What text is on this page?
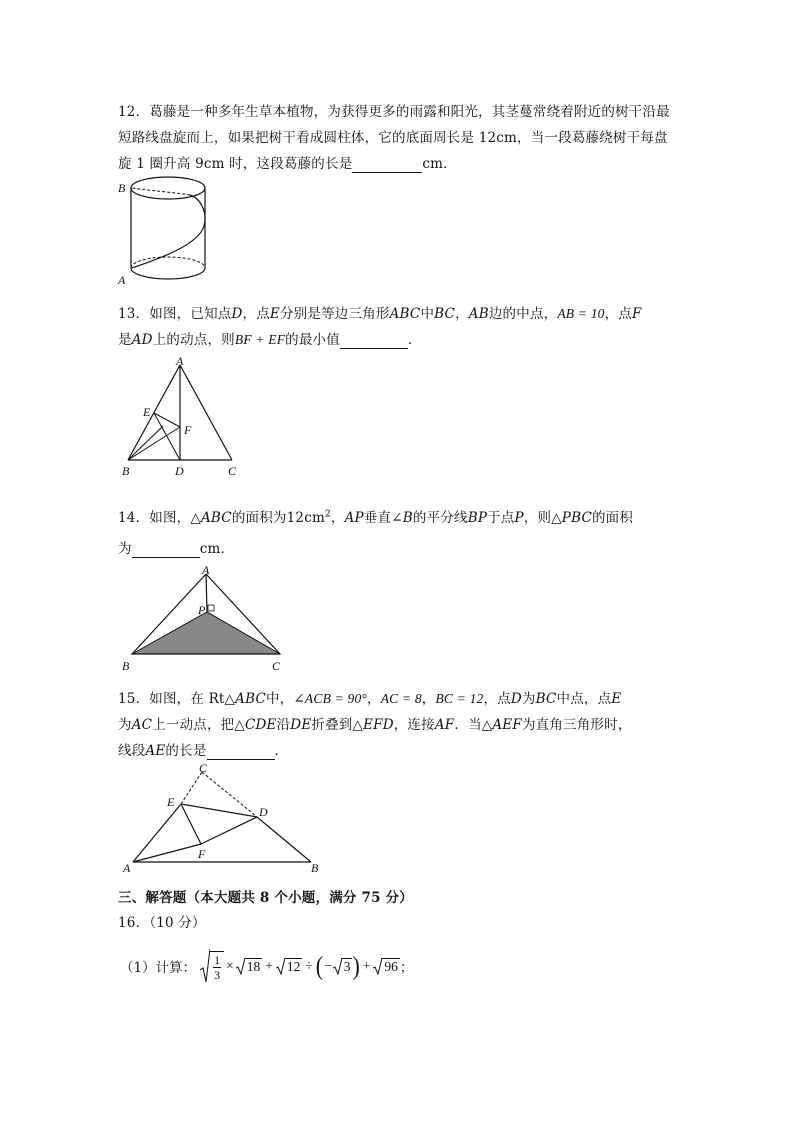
12．葛藤是一种多年生草本植物，为获得更多的雨露和阳光，其茎蔓常绕着附近的树干沿最
短路线盘旋而上，如果把树干看成圆柱体，它的底面周长是 12cm，当一段葛藤绕树干每盘
旋 1 圈升高 9cm 时，这段葛藤的长是	cm．
B
A
13．如图，已知点D，点E分别是等边三角形ABC中BC，AB边的中点，AB = 10，点F
是AD上的动点，则BF + EF的最小值	．
A
E
F
B	D	C
14．如图，△ABC的面积为$12cm^2$，AP垂直∠B的平分线BP于点P，则△PBC的面积
为	cm．
A
P
B	C
15．如图，在 Rt△ABC中，∠ACB = 90°，AC = 8，BC = 12，点D为BC中点，点E
为AC上一动点，把△CDE沿DE折叠到△EFD，连接AF．当△AEF为直角三角形时，
线段AE的长是	．
C
E
D
F
A	B
三、解答题（本大题共 8 个小题，满分 75 分）
16．（10 分）
（1）计算：
1
3
× 18 + 12 ÷ ( − 3 ) + 96 ；
